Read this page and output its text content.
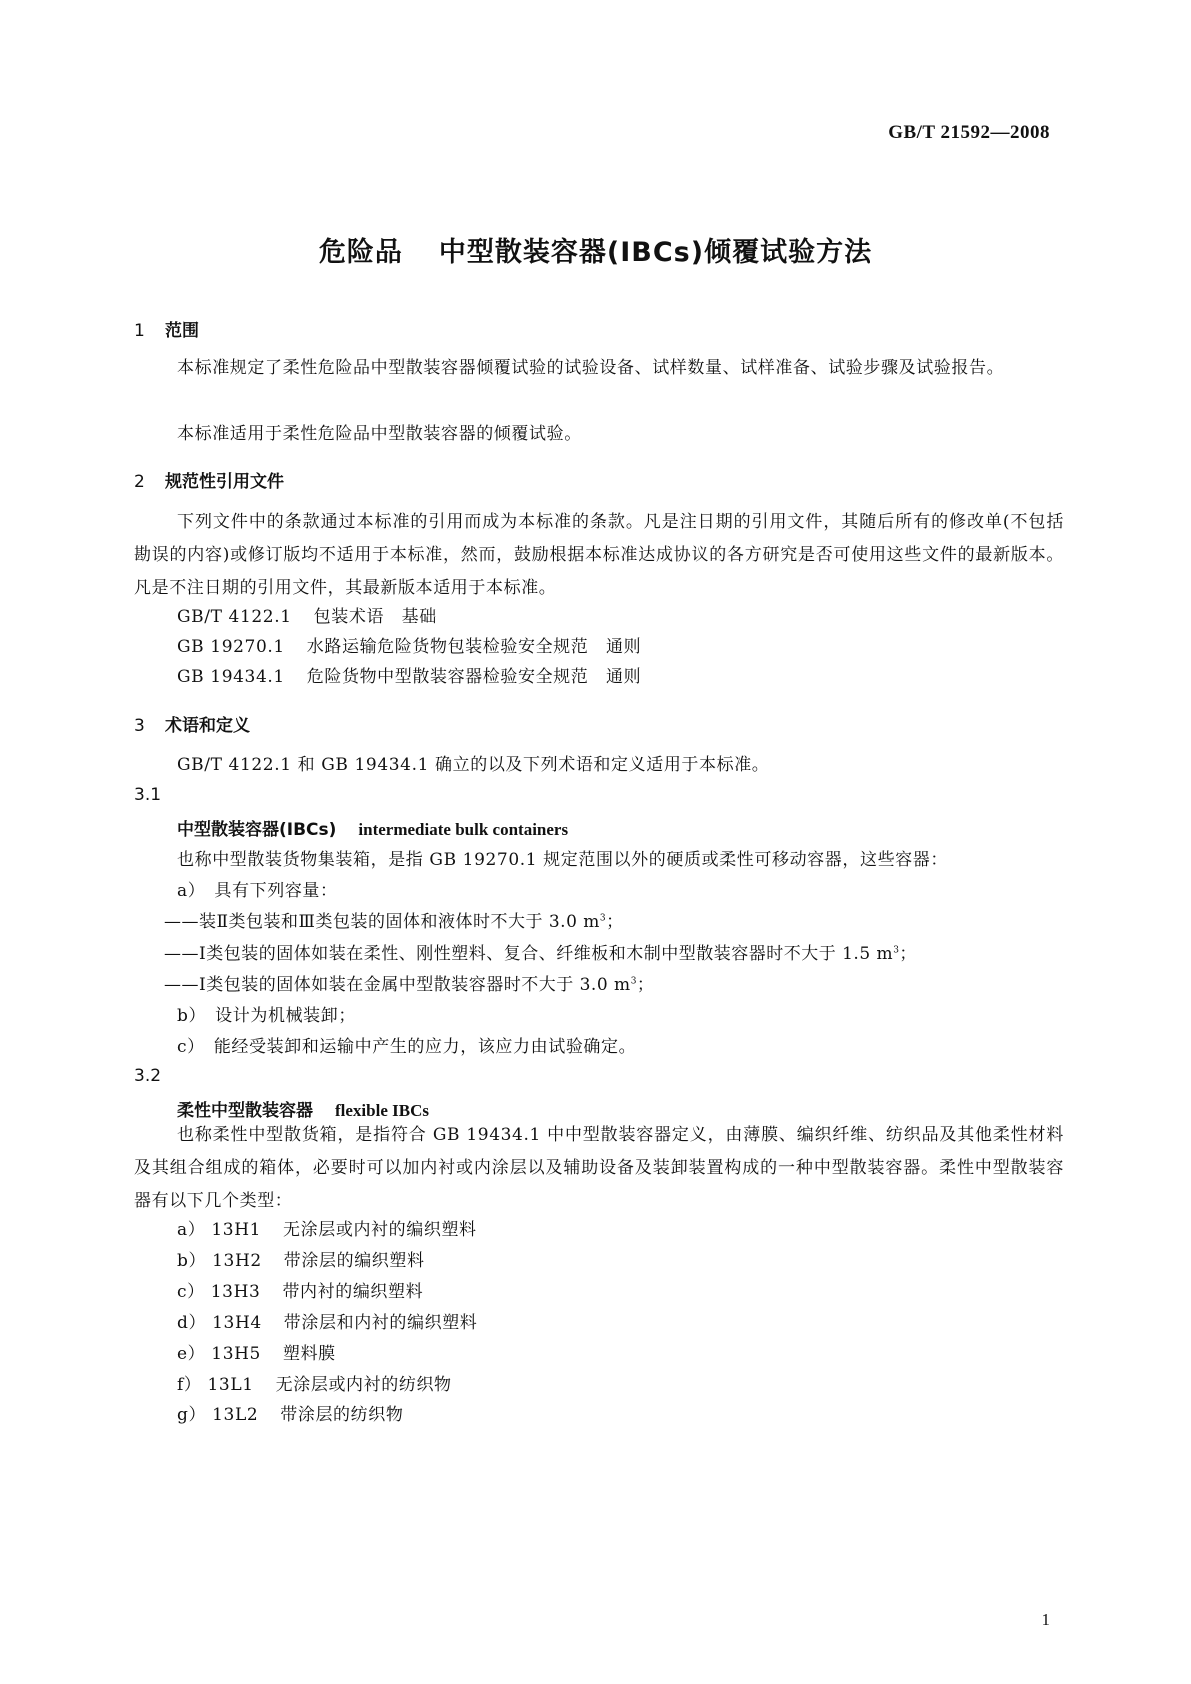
GB/T 21592—2008
危险品 中型散装容器(IBCs)倾覆试验方法
1 范围
本标准规定了柔性危险品中型散装容器倾覆试验的试验设备、试样数量、试样准备、试验步骤及试验报告。
本标准适用于柔性危险品中型散装容器的倾覆试验。
2 规范性引用文件
下列文件中的条款通过本标准的引用而成为本标准的条款。凡是注日期的引用文件，其随后所有的修改单(不包括勘误的内容)或修订版均不适用于本标准，然而，鼓励根据本标准达成协议的各方研究是否可使用这些文件的最新版本。凡是不注日期的引用文件，其最新版本适用于本标准。
GB/T 4122.1 包装术语　基础
GB 19270.1 水路运输危险货物包装检验安全规范　通则
GB 19434.1 危险货物中型散装容器检验安全规范　通则
3 术语和定义
GB/T 4122.1 和 GB 19434.1 确立的以及下列术语和定义适用于本标准。
3.1
中型散装容器(IBCs) intermediate bulk containers
也称中型散装货物集装箱，是指 GB 19270.1 规定范围以外的硬质或柔性可移动容器，这些容器：
a）　具有下列容量：
——装Ⅱ类包装和Ⅲ类包装的固体和液体时不大于 3.0 $m^3$；
——Ⅰ类包装的固体如装在柔性、刚性塑料、复合、纤维板和木制中型散装容器时不大于 1.5 $m^3$；
——Ⅰ类包装的固体如装在金属中型散装容器时不大于 3.0 $m^3$；
b）　设计为机械装卸；
c）　能经受装卸和运输中产生的应力，该应力由试验确定。
3.2
柔性中型散装容器 flexible IBCs
也称柔性中型散货箱，是指符合 GB 19434.1 中中型散装容器定义，由薄膜、编织纤维、纺织品及其他柔性材料及其组合组成的箱体，必要时可以加内衬或内涂层以及辅助设备及装卸装置构成的一种中型散装容器。柔性中型散装容器有以下几个类型：
a） 13H1 无涂层或内衬的编织塑料
b） 13H2 带涂层的编织塑料
c） 13H3 带内衬的编织塑料
d） 13H4 带涂层和内衬的编织塑料
e） 13H5 塑料膜
f） 13L1 无涂层或内衬的纺织物
g） 13L2 带涂层的纺织物
1
